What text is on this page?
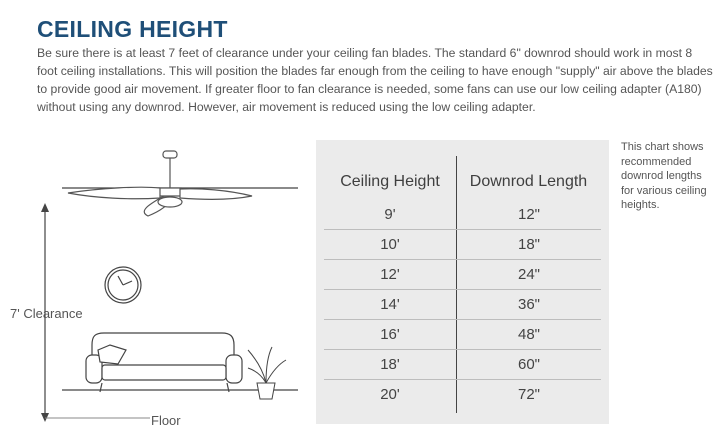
CEILING HEIGHT

Be sure there is at least 7 feet of clearance under your ceiling fan blades. The standard 6" downrod should work in most 8 foot ceiling installations. This will position the blades far enough from the ceiling to have enough "supply" air above the blades to provide good air movement. If greater floor to fan clearance is needed, some fans can use our low ceiling adapter (A180) without using any downrod. However, air movement is reduced using the low ceiling adapter.

7' Clearance
Floor
Ceiling Height	Downrod Length
9'	12"
10'	18"
12'	24"
14'	36"
16'	48"
18'	60"
20'	72"
This chart shows recommended downrod lengths for various ceiling heights.
